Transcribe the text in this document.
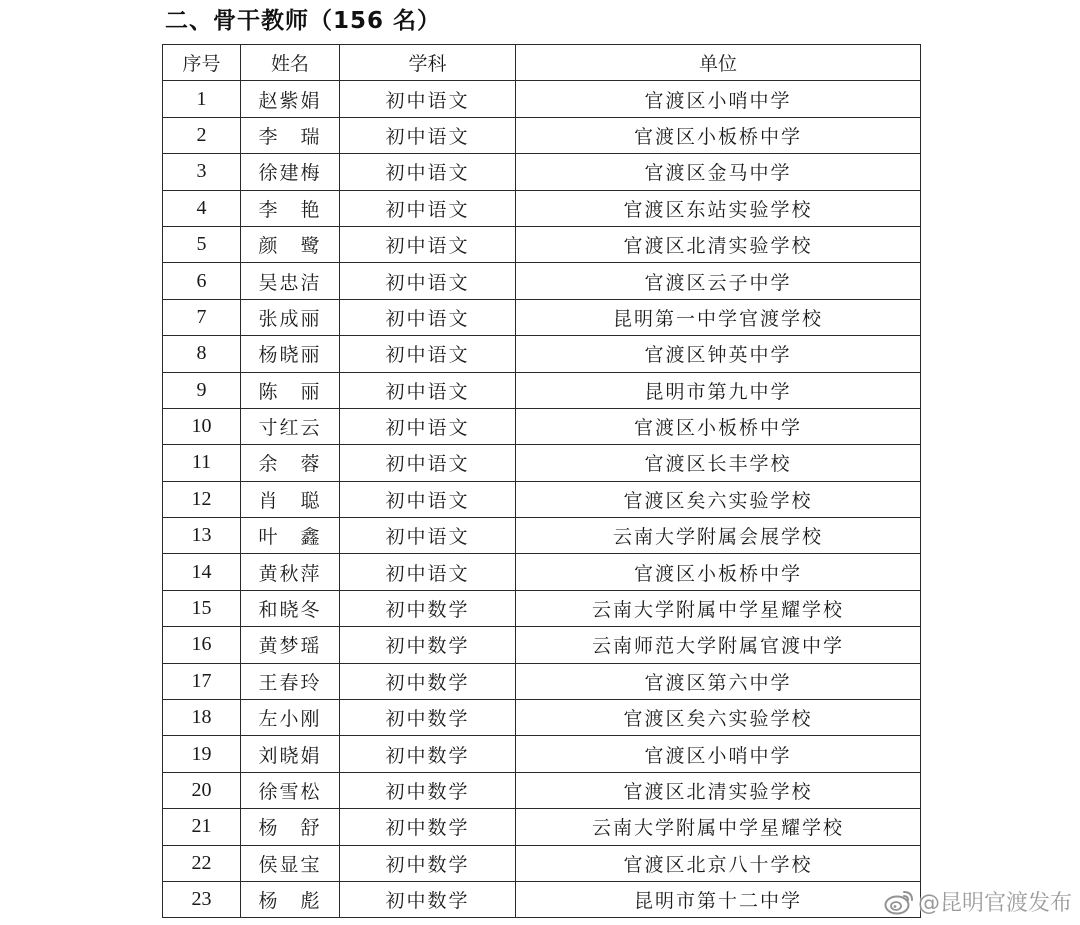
二、骨干教师（156 名）
序号	姓名	学科	单位
1	赵紫娟	初中语文	官渡区小哨中学
2	李　瑞	初中语文	官渡区小板桥中学
3	徐建梅	初中语文	官渡区金马中学
4	李　艳	初中语文	官渡区东站实验学校
5	颜　鹭	初中语文	官渡区北清实验学校
6	吴忠洁	初中语文	官渡区云子中学
7	张成丽	初中语文	昆明第一中学官渡学校
8	杨晓丽	初中语文	官渡区钟英中学
9	陈　丽	初中语文	昆明市第九中学
10	寸红云	初中语文	官渡区小板桥中学
11	余　蓉	初中语文	官渡区长丰学校
12	肖　聪	初中语文	官渡区矣六实验学校
13	叶　鑫	初中语文	云南大学附属会展学校
14	黄秋萍	初中语文	官渡区小板桥中学
15	和晓冬	初中数学	云南大学附属中学星耀学校
16	黄梦瑶	初中数学	云南师范大学附属官渡中学
17	王春玲	初中数学	官渡区第六中学
18	左小刚	初中数学	官渡区矣六实验学校
19	刘晓娟	初中数学	官渡区小哨中学
20	徐雪松	初中数学	官渡区北清实验学校
21	杨　舒	初中数学	云南大学附属中学星耀学校
22	侯显宝	初中数学	官渡区北京八十学校
23	杨　彪	初中数学	昆明市第十二中学	@昆明官渡发布
